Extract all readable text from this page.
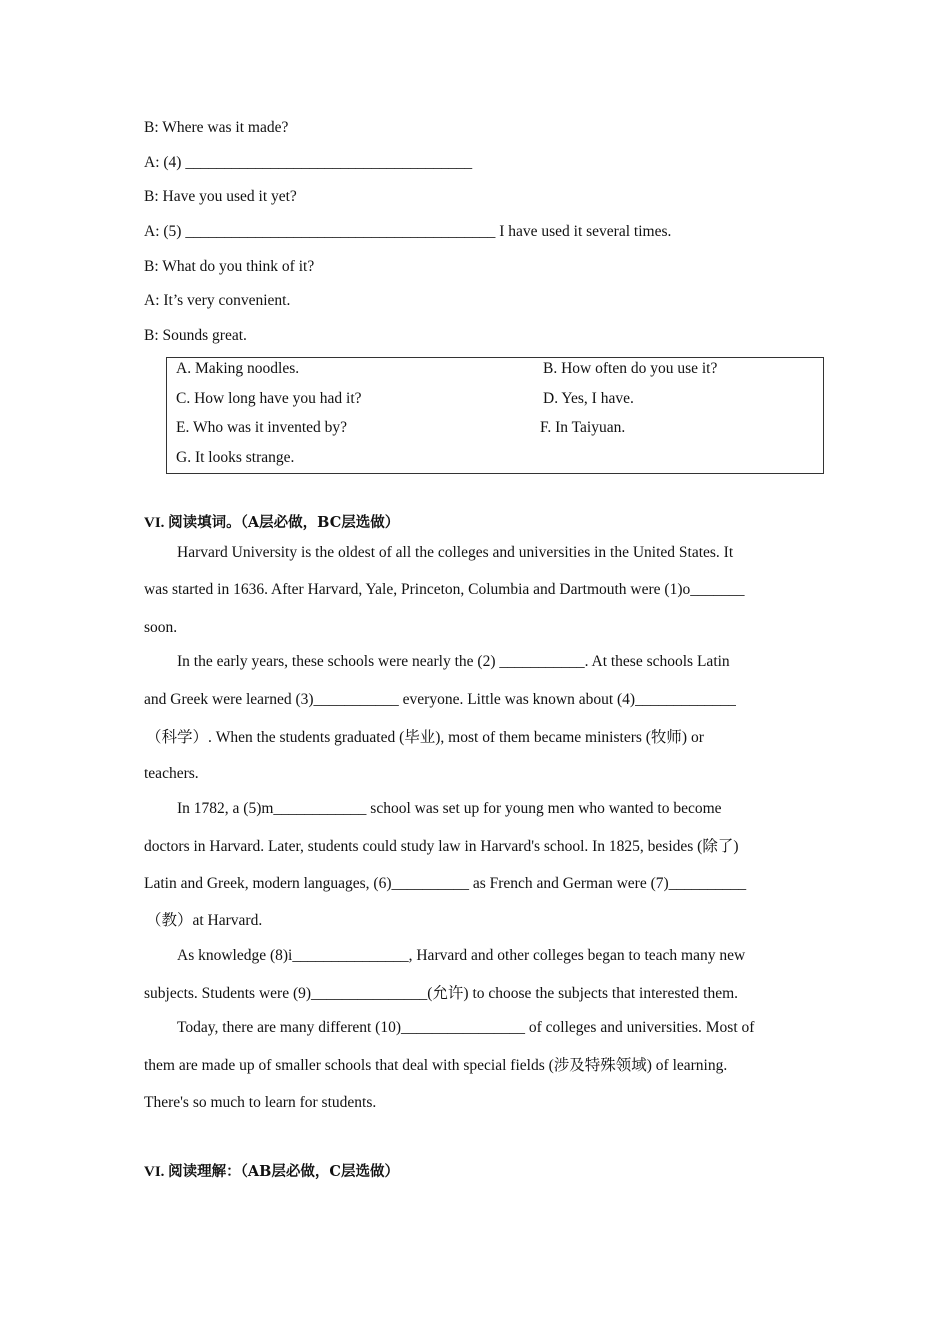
B: Where was it made?
A: (4) _____________________________________
B: Have you used it yet?
A: (5) ________________________________________ I have used it several times.
B: What do you think of it?
A: It’s very convenient.
B: Sounds great.
A. Making noodles.	B. How often do you use it?
C. How long have you had it?	D. Yes, I have.
E. Who was it invented by?	F. In Taiyuan.
G. It looks strange.
VI. 阅读填词。（A层必做，BC层选做）
Harvard University is the oldest of all the colleges and universities in the United States. It
was started in 1636. After Harvard, Yale, Princeton, Columbia and Dartmouth were (1)o_______
soon.
In the early years, these schools were nearly the (2) ___________. At these schools Latin
and Greek were learned (3)___________ everyone. Little was known about (4)_____________
（科学）. When the students graduated (毕业), most of them became ministers (牧师) or
teachers.
In 1782, a (5)m____________ school was set up for young men who wanted to become
doctors in Harvard. Later, students could study law in Harvard's school. In 1825, besides (除了)
Latin and Greek, modern languages, (6)__________ as French and German were (7)__________
（教）at Harvard.
As knowledge (8)i_______________, Harvard and other colleges began to teach many new
subjects. Students were (9)_______________(允许) to choose the subjects that interested them.
Today, there are many different (10)________________ of colleges and universities. Most of
them are made up of smaller schools that deal with special fields (涉及特殊领域) of learning.
There's so much to learn for students.
VI. 阅读理解：（AB层必做，C层选做）
